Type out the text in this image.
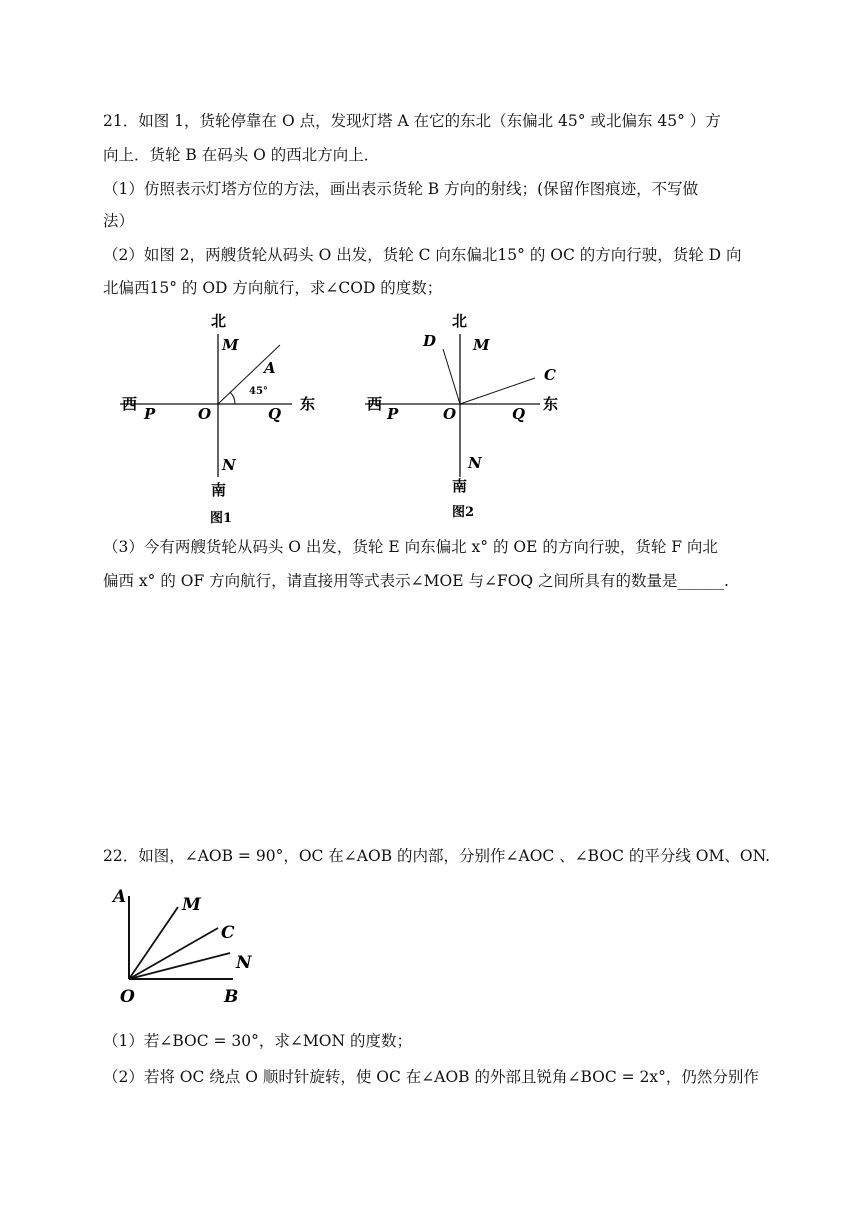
21．如图 1，货轮停靠在 O 点，发现灯塔 A 在它的东北（东偏北 45° 或北偏东 45° ）方
向上．货轮 B 在码头 O 的西北方向上．
（1）仿照表示灯塔方位的方法，画出表示货轮 B 方向的射线；(保留作图痕迹，不写做
法）
（2）如图 2，两艘货轮从码头 O 出发，货轮 C 向东偏北15° 的 OC 的方向行驶，货轮 D 向
北偏西15° 的 OD 方向航行，求∠COD 的度数；
（3）今有两艘货轮从码头 O 出发，货轮 E 向东偏北 x° 的 OE 的方向行驶，货轮 F 向北
偏西 x° 的 OF 方向航行，请直接用等式表示∠MOE 与∠FOQ 之间所具有的数量是______.
北
南
西	东
M
N
P	Q
O
A
45°
图1
北
南
西	东
M
N
P	Q
O
C
D
图2
22．如图，∠AOB = 90°，OC 在∠AOB 的内部，分别作∠AOC 、∠BOC 的平分线 OM、ON.
A	M
C
N
O	B
（1）若∠BOC = 30°，求∠MON 的度数；
（2）若将 OC 绕点 O 顺时针旋转，使 OC 在∠AOB 的外部且锐角∠BOC = 2x°，仍然分别作
